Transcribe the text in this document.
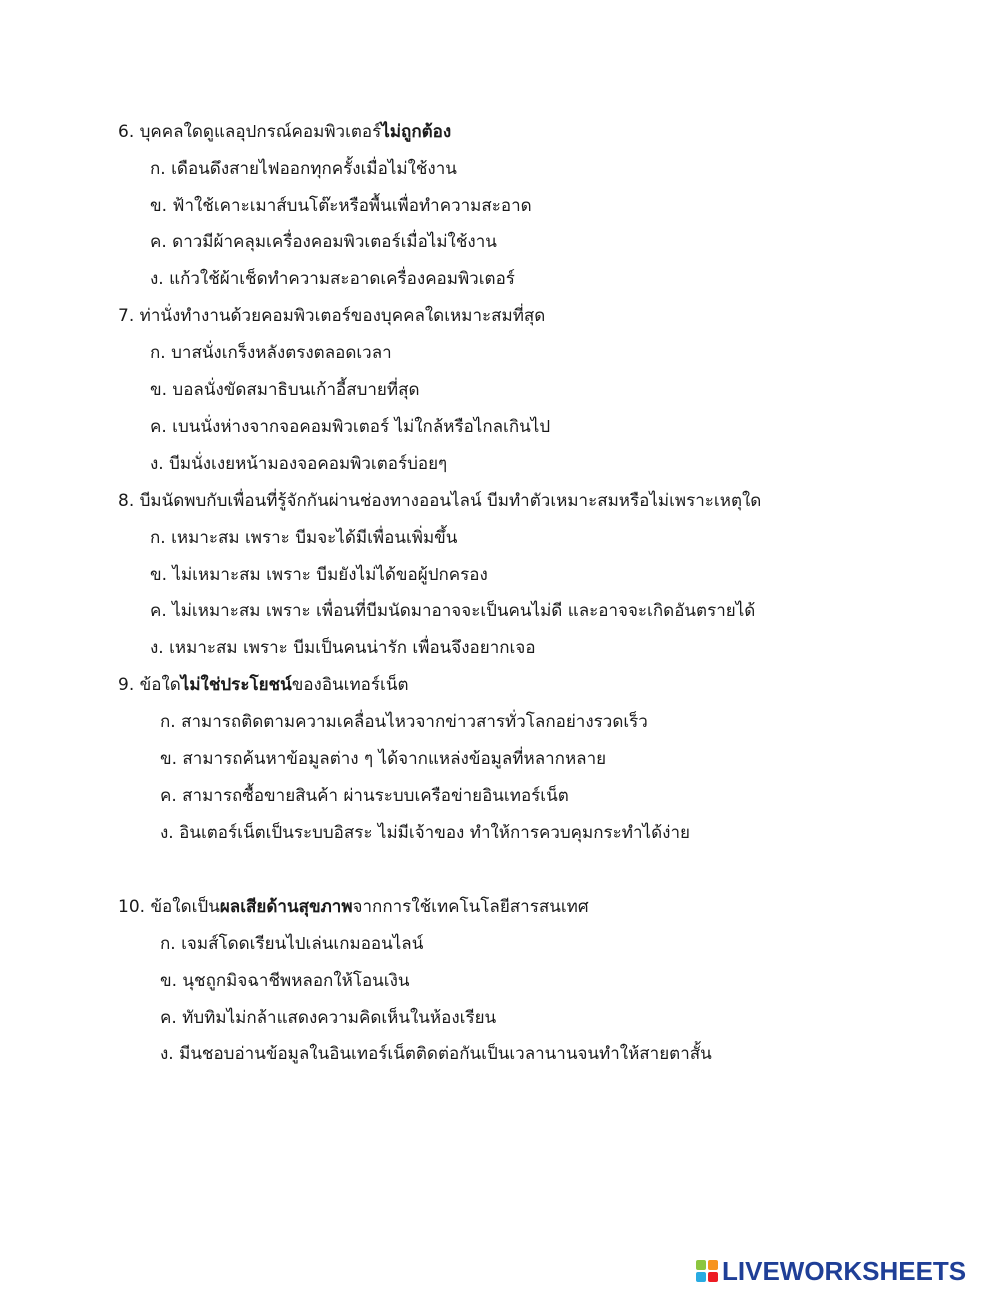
6. บุคคลใดดูแลอุปกรณ์คอมพิวเตอร์ไม่ถูกต้อง
ก. เดือนดึงสายไฟออกทุกครั้งเมื่อไม่ใช้งาน
ข. ฟ้าใช้เคาะเมาส์บนโต๊ะหรือพื้นเพื่อทำความสะอาด
ค. ดาวมีผ้าคลุมเครื่องคอมพิวเตอร์เมื่อไม่ใช้งาน
ง. แก้วใช้ผ้าเช็ดทำความสะอาดเครื่องคอมพิวเตอร์
7. ท่านั่งทำงานด้วยคอมพิวเตอร์ของบุคคลใดเหมาะสมที่สุด
ก. บาสนั่งเกร็งหลังตรงตลอดเวลา
ข. บอลนั่งขัดสมาธิบนเก้าอี้สบายที่สุด
ค. เบนนั่งห่างจากจอคอมพิวเตอร์ ไม่ใกล้หรือไกลเกินไป
ง. บีมนั่งเงยหน้ามองจอคอมพิวเตอร์บ่อยๆ
8. บีมนัดพบกับเพื่อนที่รู้จักกันผ่านช่องทางออนไลน์ บีมทำตัวเหมาะสมหรือไม่เพราะเหตุใด
ก. เหมาะสม เพราะ บีมจะได้มีเพื่อนเพิ่มขึ้น
ข. ไม่เหมาะสม เพราะ บีมยังไม่ได้ขอผู้ปกครอง
ค. ไม่เหมาะสม เพราะ เพื่อนที่บีมนัดมาอาจจะเป็นคนไม่ดี และอาจจะเกิดอันตรายได้
ง. เหมาะสม เพราะ บีมเป็นคนน่ารัก เพื่อนจึงอยากเจอ
9. ข้อใดไม่ใช่ประโยชน์ของอินเทอร์เน็ต
ก. สามารถติดตามความเคลื่อนไหวจากข่าวสารทั่วโลกอย่างรวดเร็ว
ข. สามารถค้นหาข้อมูลต่าง ๆ ได้จากแหล่งข้อมูลที่หลากหลาย
ค. สามารถซื้อขายสินค้า ผ่านระบบเครือข่ายอินเทอร์เน็ต
ง. อินเตอร์เน็ตเป็นระบบอิสระ ไม่มีเจ้าของ ทำให้การควบคุมกระทำได้ง่าย
10. ข้อใดเป็นผลเสียด้านสุขภาพจากการใช้เทคโนโลยีสารสนเทศ
ก. เจมส์โดดเรียนไปเล่นเกมออนไลน์
ข. นุชถูกมิจฉาชีพหลอกให้โอนเงิน
ค. ทับทิมไม่กล้าแสดงความคิดเห็นในห้องเรียน
ง. มีนชอบอ่านข้อมูลในอินเทอร์เน็ตติดต่อกันเป็นเวลานานจนทำให้สายตาสั้น
LIVEWORKSHEETS
